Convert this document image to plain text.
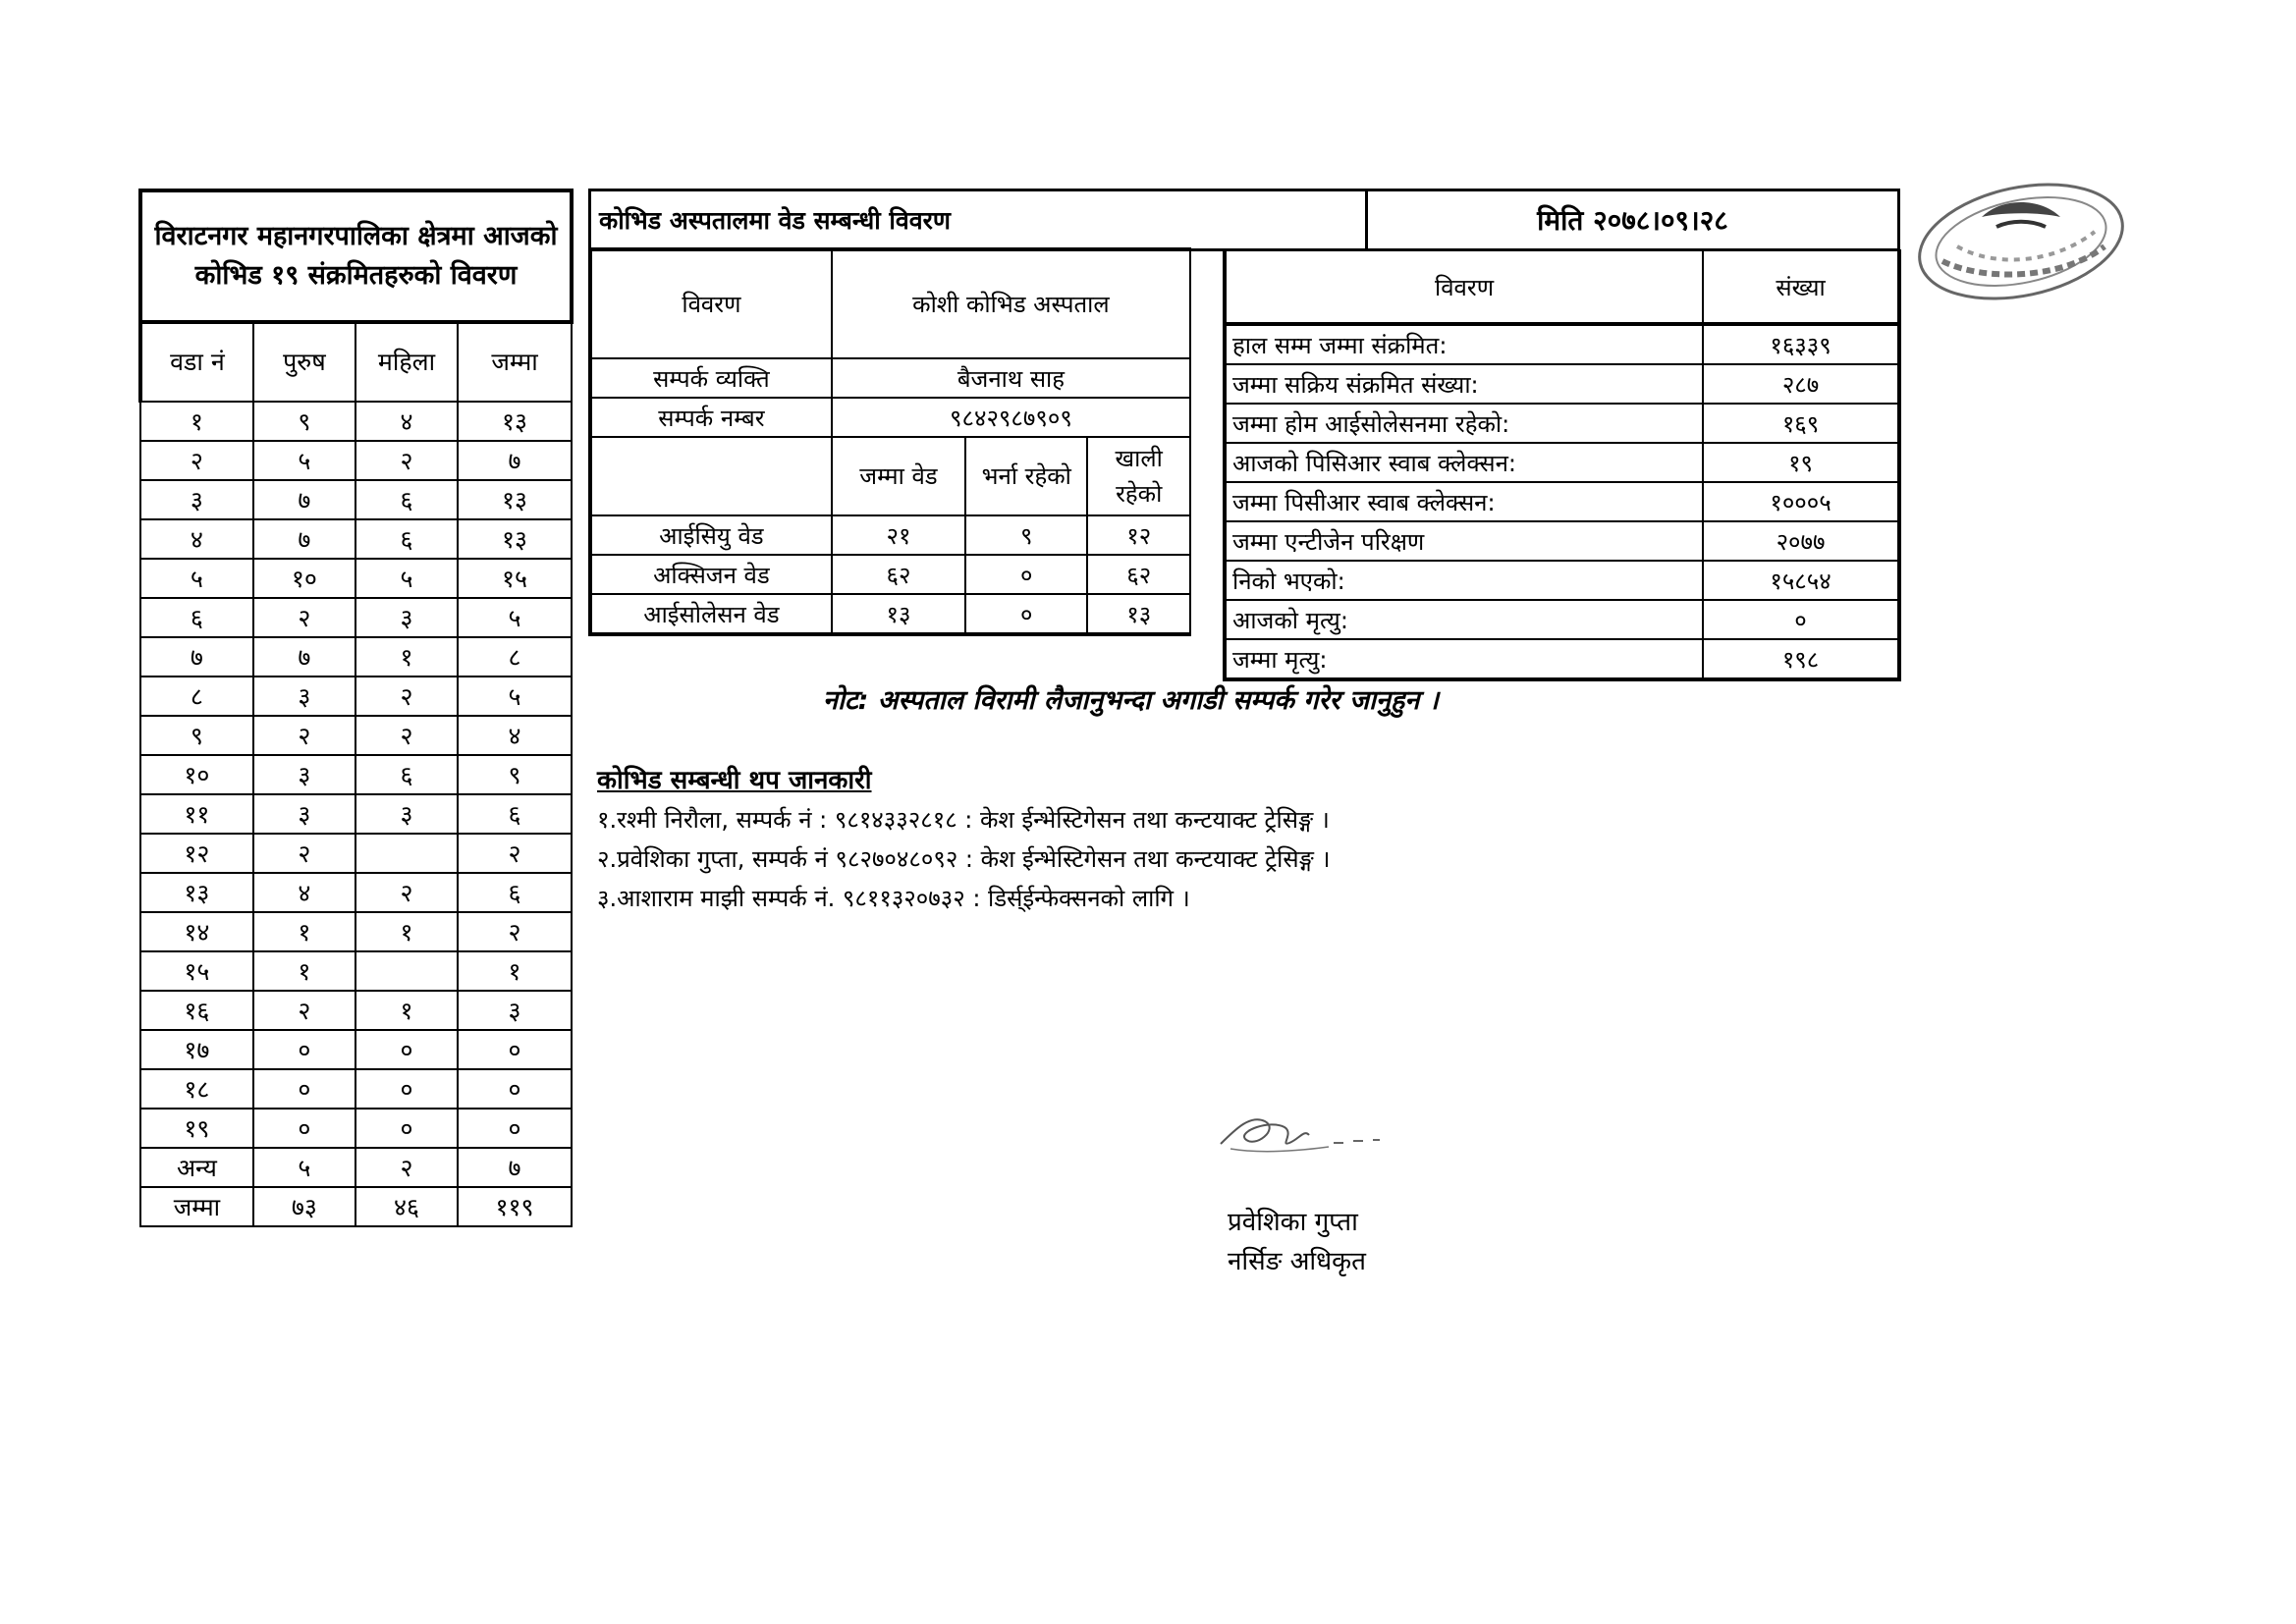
विराटनगर महानगरपालिका क्षेत्रमा आजको कोभिड १९ संक्रमितहरुको विवरण			
वडा नं	पुरुष	महिला	जम्मा
१	९	४	१३
२	५	२	७
३	७	६	१३
४	७	६	१३
५	१०	५	१५
६	२	३	५
७	७	१	८
८	३	२	५
९	२	२	४
१०	३	६	९
११	३	३	६
१२	२		२
१३	४	२	६
१४	१	१	२
१५	१		१
१६	२	१	३
१७	०	०	०
१८	०	०	०
१९	०	०	०
अन्य	५	२	७
जम्मा	७३	४६	११९
कोभिड अस्पतालमा वेड सम्बन्धी विवरण	मिति २०७८।०९।२८
विवरण	कोशी कोभिड अस्पताल		
सम्पर्क व्यक्ति	बैजनाथ साह		
सम्पर्क नम्बर	९८४२९८७९०९		
	जम्मा वेड	भर्ना रहेको	खाली रहेको
आईसियु वेड	२१	९	१२
अक्सिजन वेड	६२	०	६२
आईसोलेसन वेड	१३	०	१३
विवरण	संख्या
हाल सम्म जम्मा संक्रमित:	१६३३९
जम्मा सक्रिय संक्रमित संख्या:	२८७
जम्मा होम आईसोलेसनमा रहेको:	१६९
आजको पिसिआर स्वाब क्लेक्सन:	१९
जम्मा पिसीआर स्वाब क्लेक्सन:	१०००५
जम्मा एन्टीजेन परिक्षण	२०७७
निको भएको:	१५८५४
आजको मृत्यु:	०
जम्मा मृत्यु:	१९८
नोट: अस्पताल विरामी लैजानुभन्दा अगाडी सम्पर्क गरेर जानुहुन ।
कोभिड सम्बन्धी थप जानकारी
१.रश्मी निरौला, सम्पर्क नं : ९८१४३३२८१८ : केश ईन्भेस्टिगेसन तथा कन्टयाक्ट ट्रेसिङ्ग ।
२.प्रवेशिका गुप्ता, सम्पर्क नं ९८२७०४८०९२ : केश ईन्भेस्टिगेसन तथा कन्टयाक्ट ट्रेसिङ्ग ।
३.आशाराम माझी सम्पर्क नं. ९८११३२०७३२ : डिर्स्ईन्फेक्सनको लागि ।
प्रवेशिका गुप्ता
नर्सिङ अधिकृत
